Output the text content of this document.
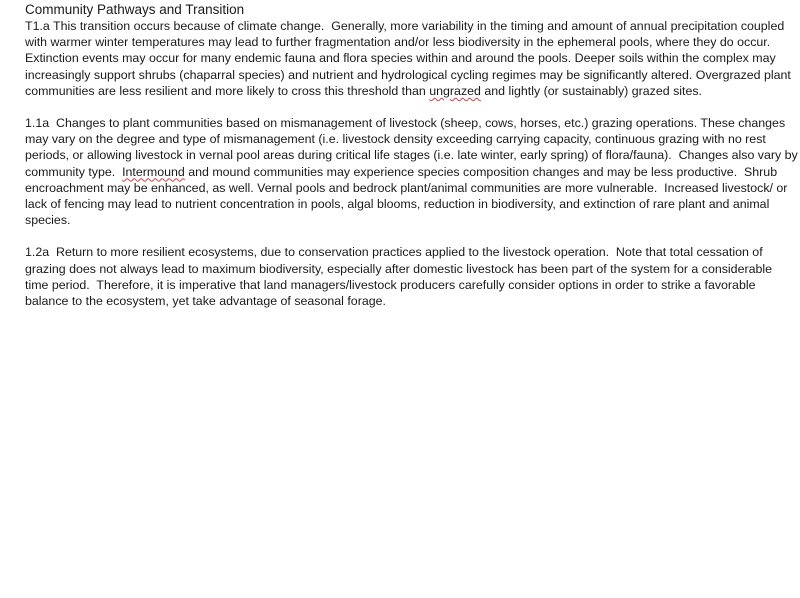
Community Pathways and Transition
T1.a This transition occurs because of climate change.  Generally, more variability in the timing and amount of annual precipitation coupled
with warmer winter temperatures may lead to further fragmentation and/or less biodiversity in the ephemeral pools, where they do occur.
Extinction events may occur for many endemic fauna and flora species within and around the pools. Deeper soils within the complex may
increasingly support shrubs (chaparral species) and nutrient and hydrological cycling regimes may be significantly altered. Overgrazed plant
communities are less resilient and more likely to cross this threshold than ungrazed and lightly (or sustainably) grazed sites.
1.1a  Changes to plant communities based on mismanagement of livestock (sheep, cows, horses, etc.) grazing operations. These changes
may vary on the degree and type of mismanagement (i.e. livestock density exceeding carrying capacity, continuous grazing with no rest
periods, or allowing livestock in vernal pool areas during critical life stages (i.e. late winter, early spring) of flora/fauna).  Changes also vary by
community type.  Intermound and mound communities may experience species composition changes and may be less productive.  Shrub
encroachment may be enhanced, as well. Vernal pools and bedrock plant/animal communities are more vulnerable.  Increased livestock/ or
lack of fencing may lead to nutrient concentration in pools, algal blooms, reduction in biodiversity, and extinction of rare plant and animal
species.
1.2a  Return to more resilient ecosystems, due to conservation practices applied to the livestock operation.  Note that total cessation of
grazing does not always lead to maximum biodiversity, especially after domestic livestock has been part of the system for a considerable
time period.  Therefore, it is imperative that land managers/livestock producers carefully consider options in order to strike a favorable
balance to the ecosystem, yet take advantage of seasonal forage.
